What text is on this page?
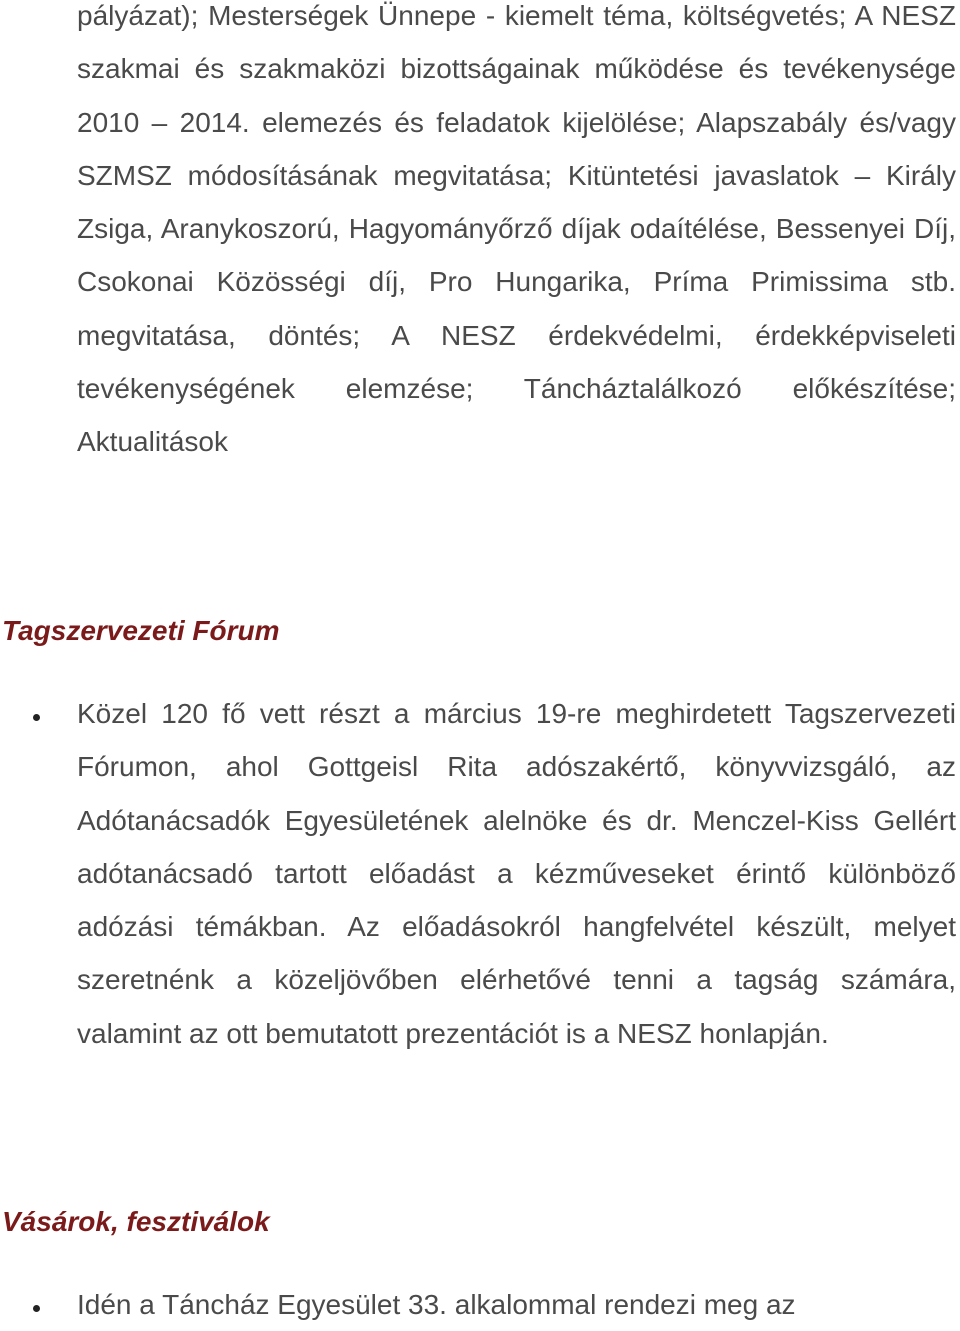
pályázat); Mesterségek Ünnepe - kiemelt téma, költségvetés; A NESZ szakmai és szakmaközi bizottságainak működése és tevékenysége 2010 – 2014. elemezés és feladatok kijelölése; Alapszabály és/vagy SZMSZ módosításának megvitatása; Kitüntetési javaslatok – Király Zsiga, Aranykoszorú, Hagyományőrző díjak odaítélése, Bessenyei Díj, Csokonai Közösségi díj, Pro Hungarika, Príma Primissima stb. megvitatása, döntés; A NESZ érdekvédelmi, érdekképviseleti tevékenységének elemzése; Táncháztalálkozó előkészítése; Aktualitások

Tagszervezeti Fórum

Közel 120 fő vett részt a március 19-re meghirdetett Tagszervezeti Fórumon, ahol Gottgeisl Rita adószakértő, könyvvizsgáló, az Adótanácsadók Egyesületének alelnöke és dr. Menczel-Kiss Gellért adótanácsadó tartott előadást a kézműveseket érintő különböző adózási témákban. Az előadásokról hangfelvétel készült, melyet szeretnénk a közeljövőben elérhetővé tenni a tagság számára, valamint az ott bemutatott prezentációt is a NESZ honlapján.

Vásárok, fesztiválok

Idén a Táncház Egyesület 33. alkalommal rendezi meg az
